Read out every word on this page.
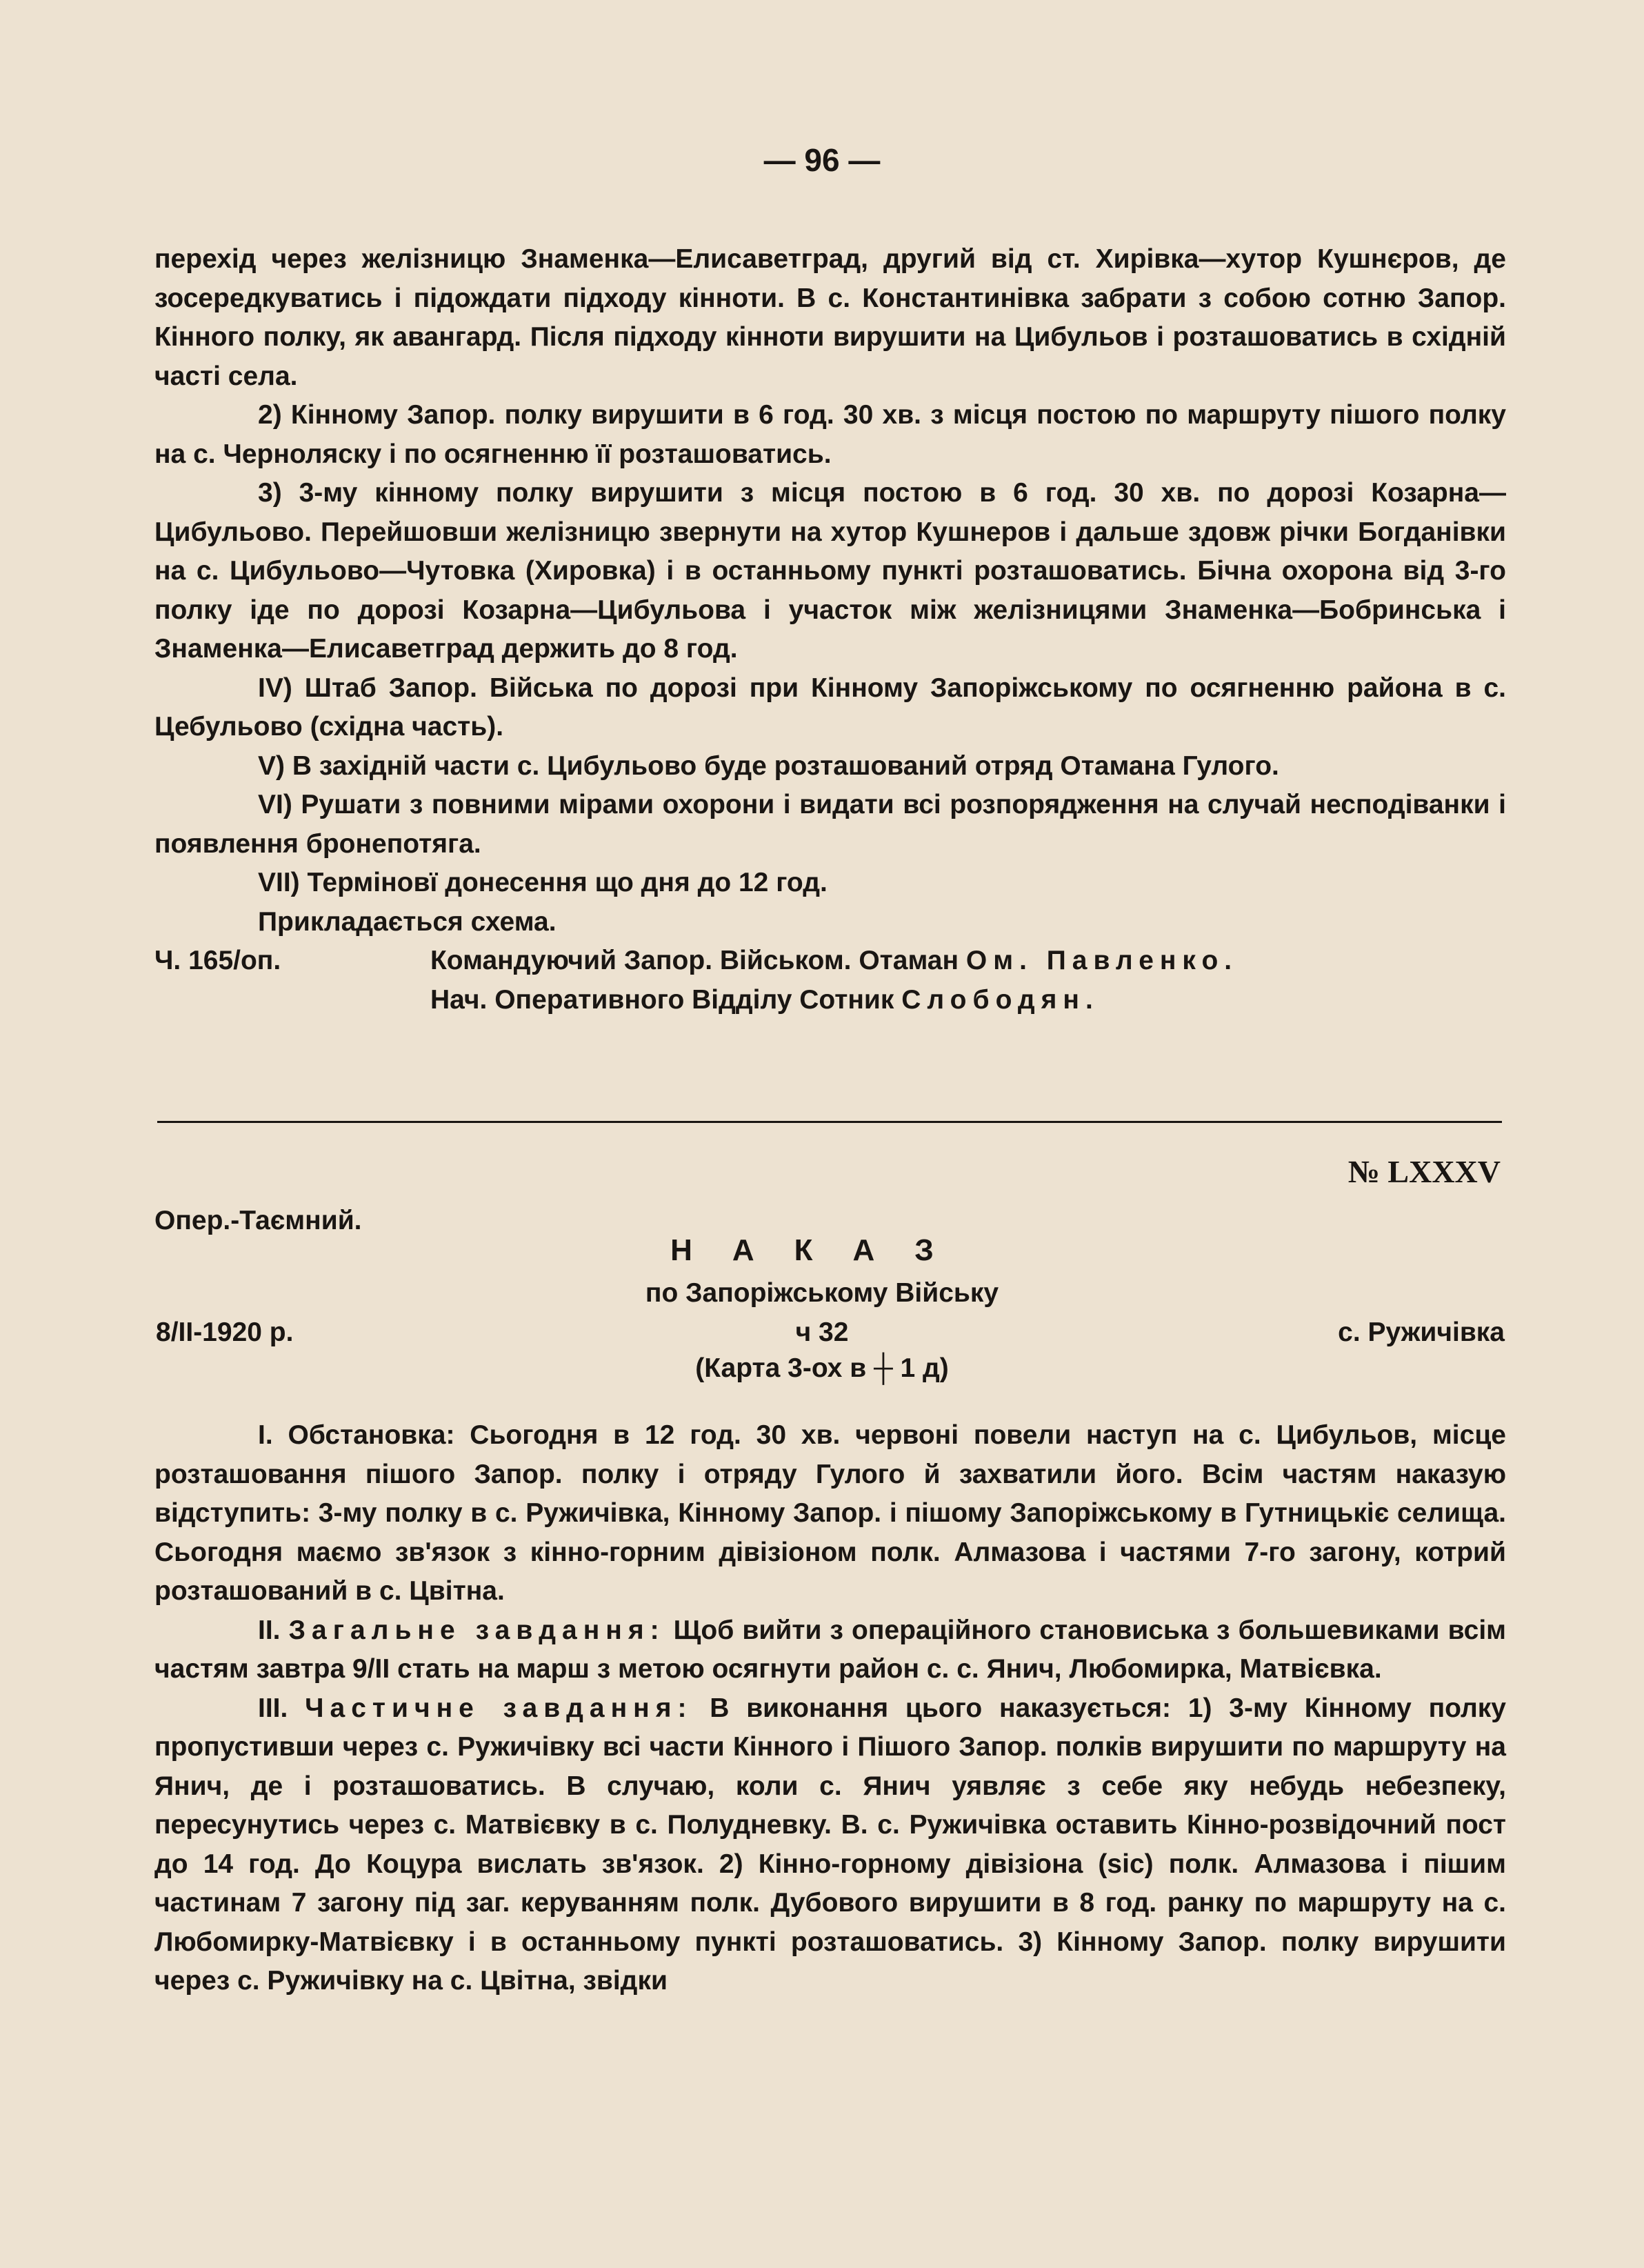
— 96 —

перехід через желізницю Знаменка—Елисаветград, другий від ст. Хирівка—хутор Кушнєров, де зосередкуватись і підождати підходу кінноти. В с. Константинівка забрати з собою сотню Запор. Кінного полку, як авангард. Після підходу кінноти вирушити на Цибульов і розташоватись в східній часті села.

2) Кінному Запор. полку вирушити в 6 год. 30 хв. з місця постою по маршруту пішого полку на с. Черноляску і по осягненню її розташоватись.

3) 3-му кінному полку вирушити з місця постою в 6 год. 30 хв. по дорозі Козарна—Цибульово. Перейшовши желізницю звернути на хутор Кушнеров і дальше здовж річки Богданівки на с. Цибульово—Чутовка (Хировка) і в останньому пункті розташоватись. Бічна охорона від 3-го полку іде по дорозі Козарна—Цибульова і участок між желізницями Знаменка—Бобринська і Знаменка—Елисаветград держить до 8 год.

IV) Штаб Запор. Війська по дорозі при Кінному Запоріжському по осягненню района в с. Цебульово (східна часть).

V) В західній части с. Цибульово буде розташований отряд Отамана Гулого.

VI) Рушати з повними мірами охорони і видати всі розпорядження на случай несподіванки і появлення бронепотяга.

VII) Терміновї донесення що дня до 12 год.

Прикладається схема.

Ч. 165/оп.	Командуючий Запор. Військом. Отаман Ом. Павленко.
Нач. Оперативного Відділу Сотник Слободян.
№ LXXXV
Опер.-Таємний.
НАКАЗ
по Запоріжському Війську
8/II-1920 р.	ч 32	с. Ружичівка
(Карта 3-ох в ┼ 1 д)

I. Обстановка: Сьогодня в 12 год. 30 хв. червоні повели наступ на с. Цибульов, місце розташовання пішого Запор. полку і отряду Гулого й захватили його. Всім частям наказую відступить: 3-му полку в с. Ружичівка, Кінному Запор. і пішому Запоріжському в Гутницькіє селища. Сьогодня маємо зв'язок з кінно-горним дівізіоном полк. Алмазова і частями 7-го загону, котрий розташований в с. Цвітна.

II. Загальне завдання: Щоб вийти з операційного становиська з большевиками всім частям завтра 9/II стать на марш з метою осягнути район с. с. Янич, Любомирка, Матвієвка.

III. Частичне завдання: В виконання цього наказується: 1) 3-му Кінному полку пропустивши через с. Ружичівку всі части Кінного і Пішого Запор. полків вирушити по маршруту на Янич, де і розташоватись. В случаю, коли с. Янич уявляє з себе яку небудь небезпеку, пересунутись через с. Матвієвку в с. Полудневку. В. с. Ружичівка оставить Кінно-розвідочний пост до 14 год. До Коцура вислать зв'язок. 2) Кінно-горному дівізіона (sic) полк. Алмазова і пішим частинам 7 загону під заг. керуванням полк. Дубового вирушити в 8 год. ранку по маршруту на с. Любомирку-Матвієвку і в останньому пункті розташоватись. 3) Кінному Запор. полку вирушити через с. Ружичівку на с. Цвітна, звідки
